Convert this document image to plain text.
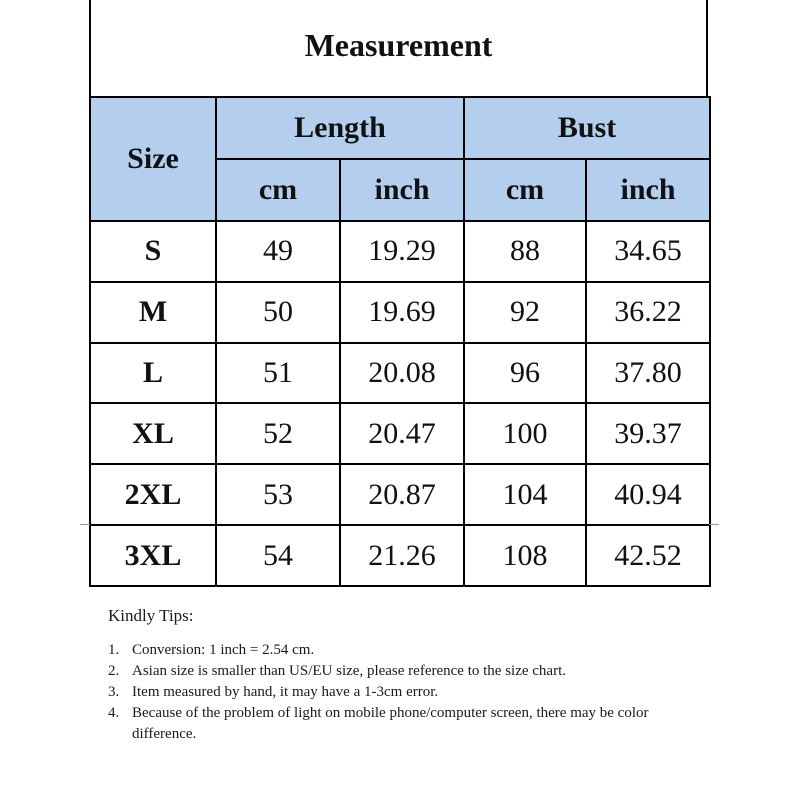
Measurement
Size	Length		Bust	
	cm	inch	cm	inch
S	49	19.29	88	34.65
M	50	19.69	92	36.22
L	51	20.08	96	37.80
XL	52	20.47	100	39.37
2XL	53	20.87	104	40.94
3XL	54	21.26	108	42.52
Kindly Tips:
1. Conversion: 1 inch = 2.54 cm.
2. Asian size is smaller than US/EU size, please reference to the size chart.
3. Item measured by hand, it may have a 1-3cm error.
4. Because of the problem of light on mobile phone/computer screen, there may be color difference.
